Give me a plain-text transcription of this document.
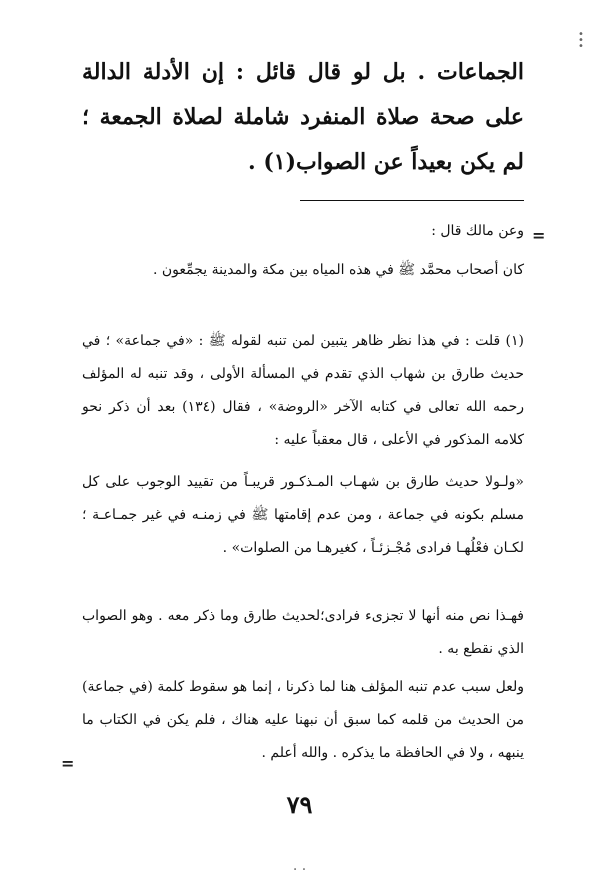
•
•
•

الجماعات . بل لو قال قائل : إن الأدلة الدالة على صحة صلاة المنفرد شاملة لصلاة الجمعة ؛ لم يكن بعيداً عن الصواب(١) .

=

وعن مالك قال :

كان أصحاب محمَّد ﷺ في هذه المياه بين مكة والمدينة يجمِّعون .

(١) قلت : في هذا نظر ظاهر يتبين لمن تنبه لقوله ﷺ : «في جماعة» ؛ في حديث طارق بن شهاب الذي تقدم في المسألة الأولى ، وقد تنبه له المؤلف رحمه الله تعالى في كتابه الآخر «الروضة» ، فقال (١٣٤) بعد أن ذكر نحو كلامه المذكور في الأعلى ، قال معقباً عليه :

«ولـولا حديث طارق بن شهـاب المـذكـور قريبـاً من تقييد الوجوب على كل مسلم بكونه في جماعة ، ومن عدم إقامتها ﷺ في زمنـه في غير جمـاعـة ؛ لكـان فعْلُهـا فرادى مُجْـزئـاً ، كغيرهـا من الصلوات» .

فهـذا نص منه أنها لا تجزىء فرادى؛لحديث طارق وما ذكر معه . وهو الصواب الذي نقطع به .

ولعل سبب عدم تنبه المؤلف هنا لما ذكرنا ، إنما هو سقوط كلمة (في جماعة) من الحديث من قلمه كما سبق أن نبهنا عليه هناك ، فلم يكن في الكتاب ما ينبهه ، ولا في الحافظة ما يذكره . والله أعلم .

=
٧٩
· ·
